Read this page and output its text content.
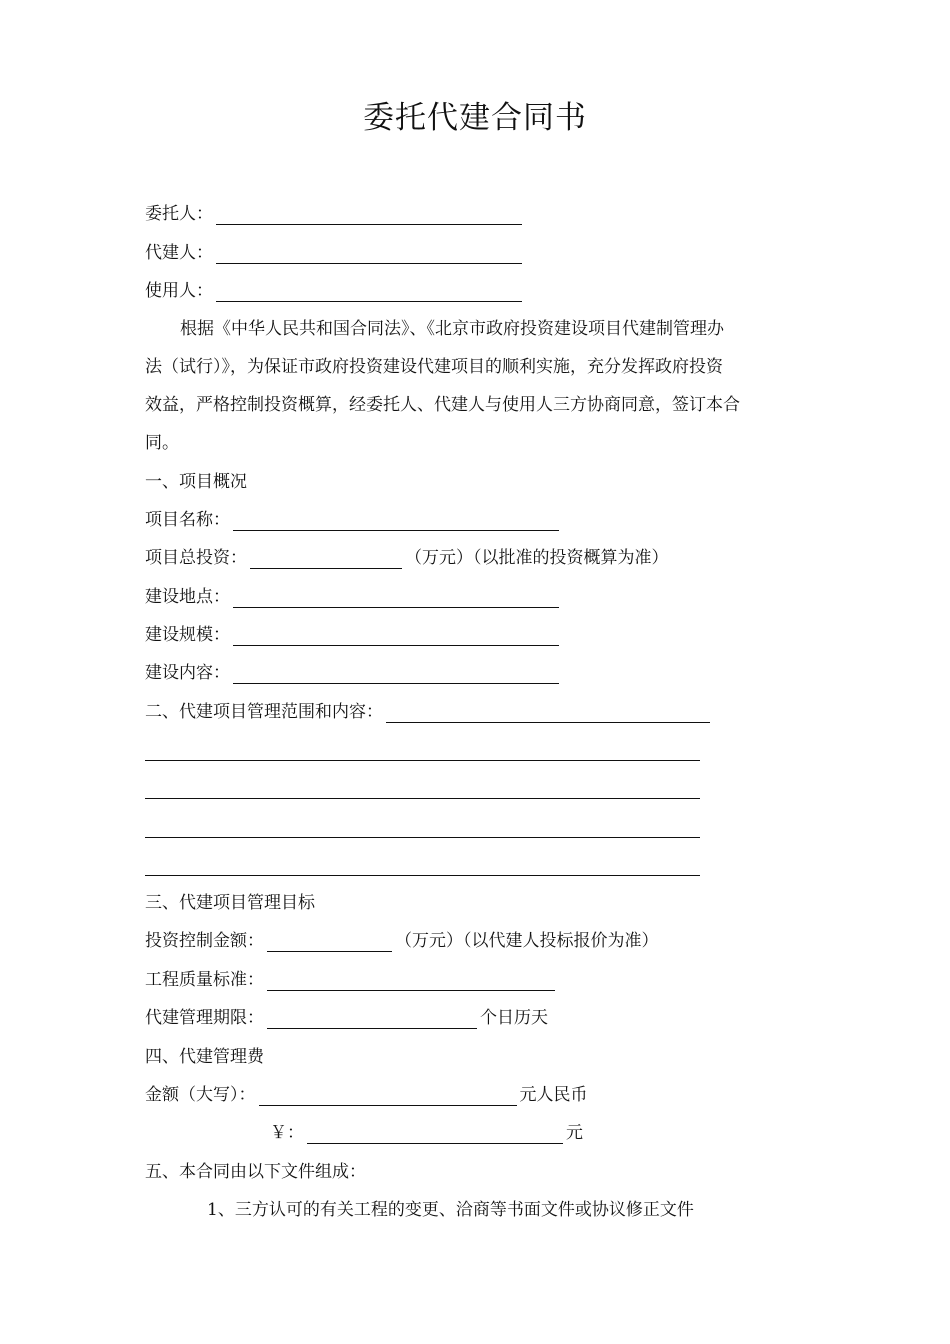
委托代建合同书
委托人：
代建人：
使用人：
根据《中华人民共和国合同法》、《北京市政府投资建设项目代建制管理办
法（试行）》，为保证市政府投资建设代建项目的顺利实施，充分发挥政府投资
效益，严格控制投资概算，经委托人、代建人与使用人三方协商同意，签订本合
同。
一、项目概况
项目名称：
项目总投资：	（万元）（以批准的投资概算为准）
建设地点：
建设规模：
建设内容：
二、代建项目管理范围和内容：
三、代建项目管理目标
投资控制金额：	（万元）（以代建人投标报价为准）
工程质量标准：
代建管理期限：	个日历天
四、代建管理费
金额（大写）：	元人民币
￥：	元
五、本合同由以下文件组成：
1、三方认可的有关工程的变更、洽商等书面文件或协议修正文件
